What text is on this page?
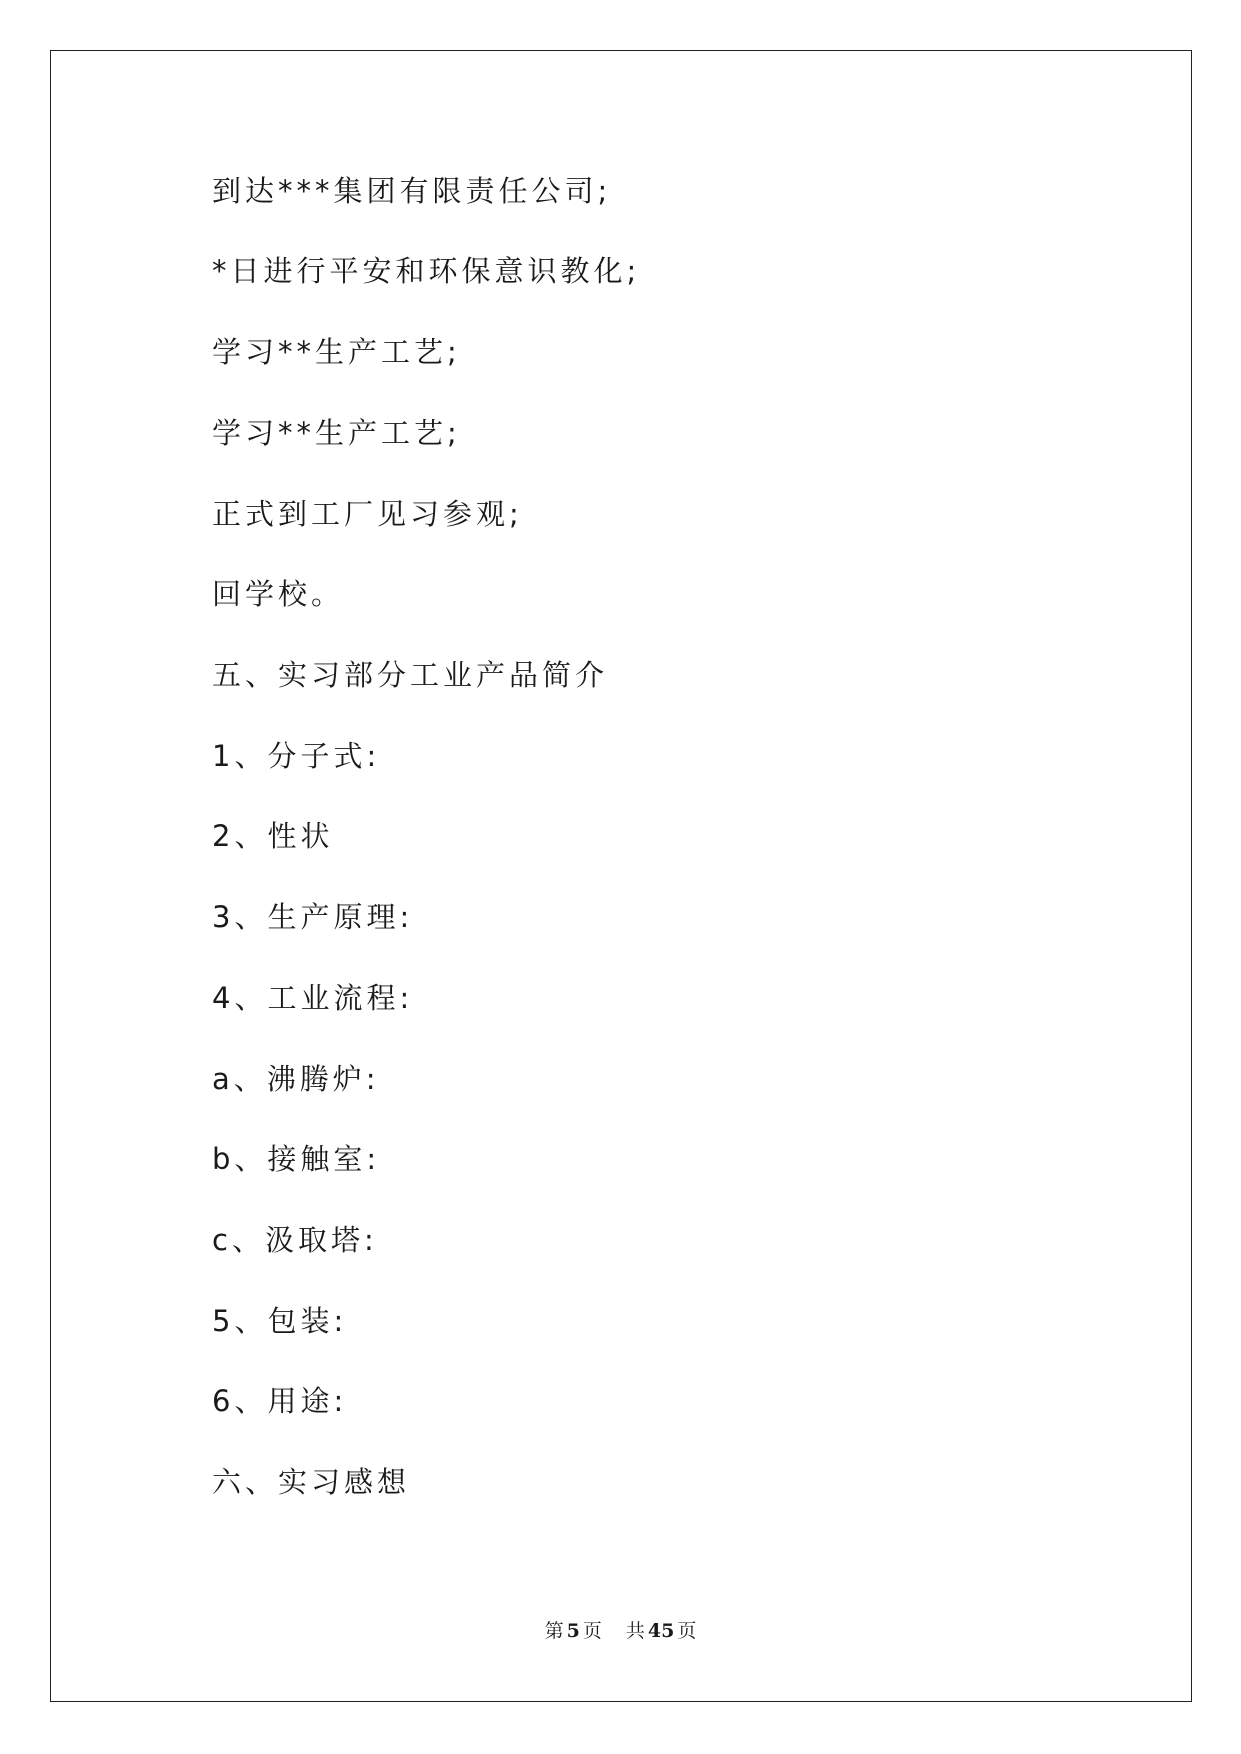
到达***集团有限责任公司;
*日进行平安和环保意识教化;
学习**生产工艺;
学习**生产工艺;
正式到工厂见习参观;
回学校。
五、实习部分工业产品简介
1、分子式:
2、性状
3、生产原理:
4、工业流程:
a、沸腾炉:
b、接触室:
c、汲取塔:
5、包装:
6、用途:
六、实习感想
第 5 页 共 45 页
